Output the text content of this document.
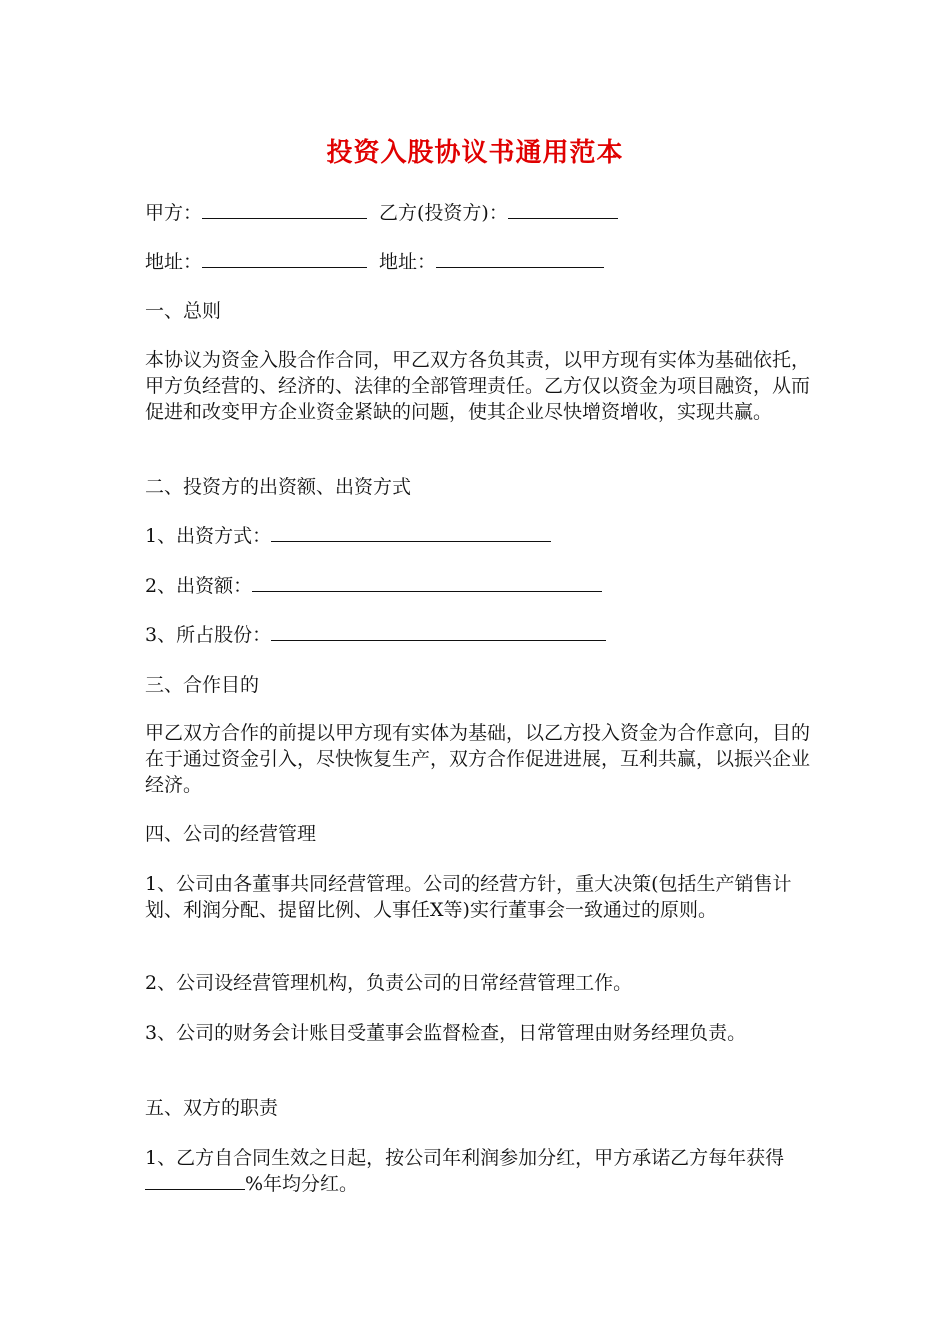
投资入股协议书通用范本
甲方：	乙方(投资方)：
地址：	地址：
一、总则
本协议为资金入股合作合同，甲乙双方各负其责，以甲方现有实体为基础依托，甲方负经营的、经济的、法律的全部管理责任。乙方仅以资金为项目融资，从而促进和改变甲方企业资金紧缺的问题，使其企业尽快增资增收，实现共赢。
二、投资方的出资额、出资方式
1、出资方式：
2、出资额：
3、所占股份：
三、合作目的
甲乙双方合作的前提以甲方现有实体为基础，以乙方投入资金为合作意向，目的在于通过资金引入，尽快恢复生产，双方合作促进进展，互利共赢，以振兴企业经济。
四、公司的经营管理
1、公司由各董事共同经营管理。公司的经营方针，重大决策(包括生产销售计划、利润分配、提留比例、人事任X等)实行董事会一致通过的原则。
2、公司设经营管理机构，负责公司的日常经营管理工作。
3、公司的财务会计账目受董事会监督检查，日常管理由财务经理负责。
五、双方的职责
1、乙方自合同生效之日起，按公司年利润参加分红，甲方承诺乙方每年获得%年均分红。
